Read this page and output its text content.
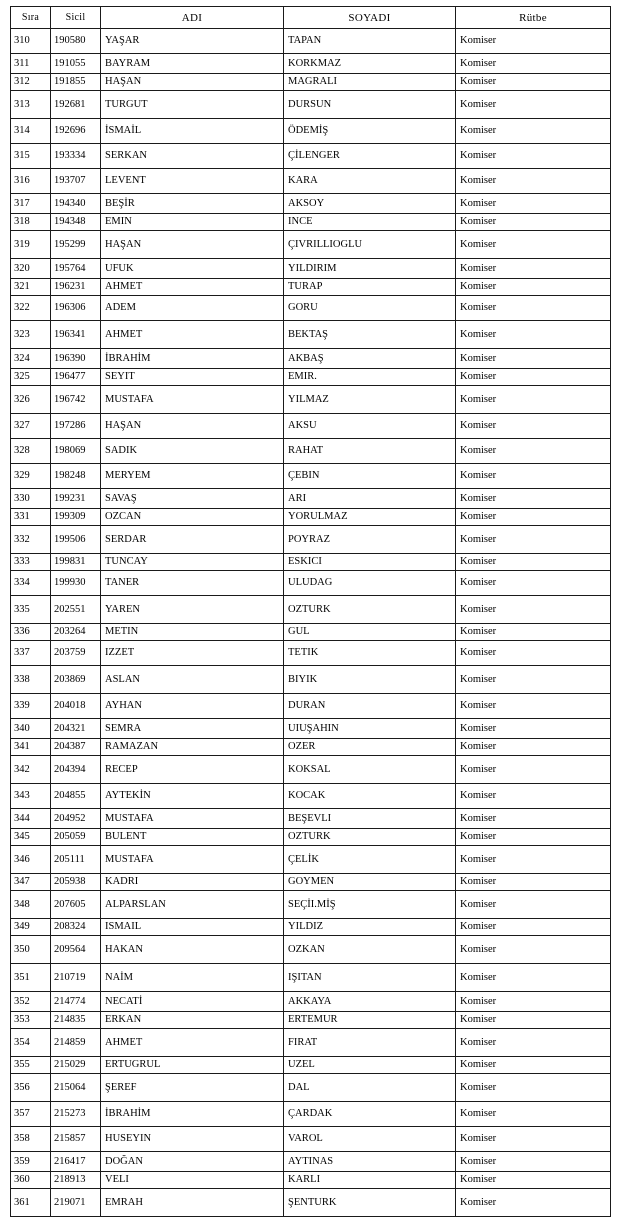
Sıra	Sicil	ADI	SOYADI	Rütbe
310	190580	YAŞAR	TAPAN	Komiser
311	191055	BAYRAM	KORKMAZ	Komiser
312	191855	HAŞAN	MAGRALI	Komiser
313	192681	TURGUT	DURSUN	Komiser
314	192696	İSMAİL	ÖDEMİŞ	Komiser
315	193334	SERKAN	ÇİLENGER	Komiser
316	193707	LEVENT	KARA	Komiser
317	194340	BEŞİR	AKSOY	Komiser
318	194348	EMIN	INCE	Komiser
319	195299	HAŞAN	ÇIVRILLIOGLU	Komiser
320	195764	UFUK	YILDIRIM	Komiser
321	196231	AHMET	TURAP	Komiser
322	196306	ADEM	GORU	Komiser
323	196341	AHMET	BEKTAŞ	Komiser
324	196390	İBRAHİM	AKBAŞ	Komiser
325	196477	SEYIT	EMIR.	Komiser
326	196742	MUSTAFA	YILMAZ	Komiser
327	197286	HAŞAN	AKSU	Komiser
328	198069	SADIK	RAHAT	Komiser
329	198248	MERYEM	ÇEBIN	Komiser
330	199231	SAVAŞ	ARI	Komiser
331	199309	OZCAN	YORULMAZ	Komiser
332	199506	SERDAR	POYRAZ	Komiser
333	199831	TUNCAY	ESKICI	Komiser
334	199930	TANER	ULUDAG	Komiser
335	202551	YAREN	OZTURK	Komiser
336	203264	METIN	GUL	Komiser
337	203759	IZZET	TETIK	Komiser
338	203869	ASLAN	BIYIK	Komiser
339	204018	AYHAN	DURAN	Komiser
340	204321	SEMRA	UIUŞAHIN	Komiser
341	204387	RAMAZAN	OZER	Komiser
342	204394	RECEP	KOKSAL	Komiser
343	204855	AYTEKİN	KOCAK	Komiser
344	204952	MUSTAFA	BEŞEVLI	Komiser
345	205059	BULENT	OZTURK	Komiser
346	205111	MUSTAFA	ÇELİK	Komiser
347	205938	KADRI	GOYMEN	Komiser
348	207605	ALPARSLAN	SEÇİI.MİŞ	Komiser
349	208324	ISMAIL	YILDIZ	Komiser
350	209564	HAKAN	OZKAN	Komiser
351	210719	NAİM	IŞITAN	Komiser
352	214774	NECATİ	AKKAYA	Komiser
353	214835	ERKAN	ERTEMUR	Komiser
354	214859	AHMET	FIRAT	Komiser
355	215029	ERTUGRUL	UZEL	Komiser
356	215064	ŞEREF	DAL	Komiser
357	215273	İBRAHİM	ÇARDAK	Komiser
358	215857	HUSEYIN	VAROL	Komiser
359	216417	DOĞAN	AYTINAS	Komiser
360	218913	VELI	KARLI	Komiser
361	219071	EMRAH	ŞENTURK	Komiser
